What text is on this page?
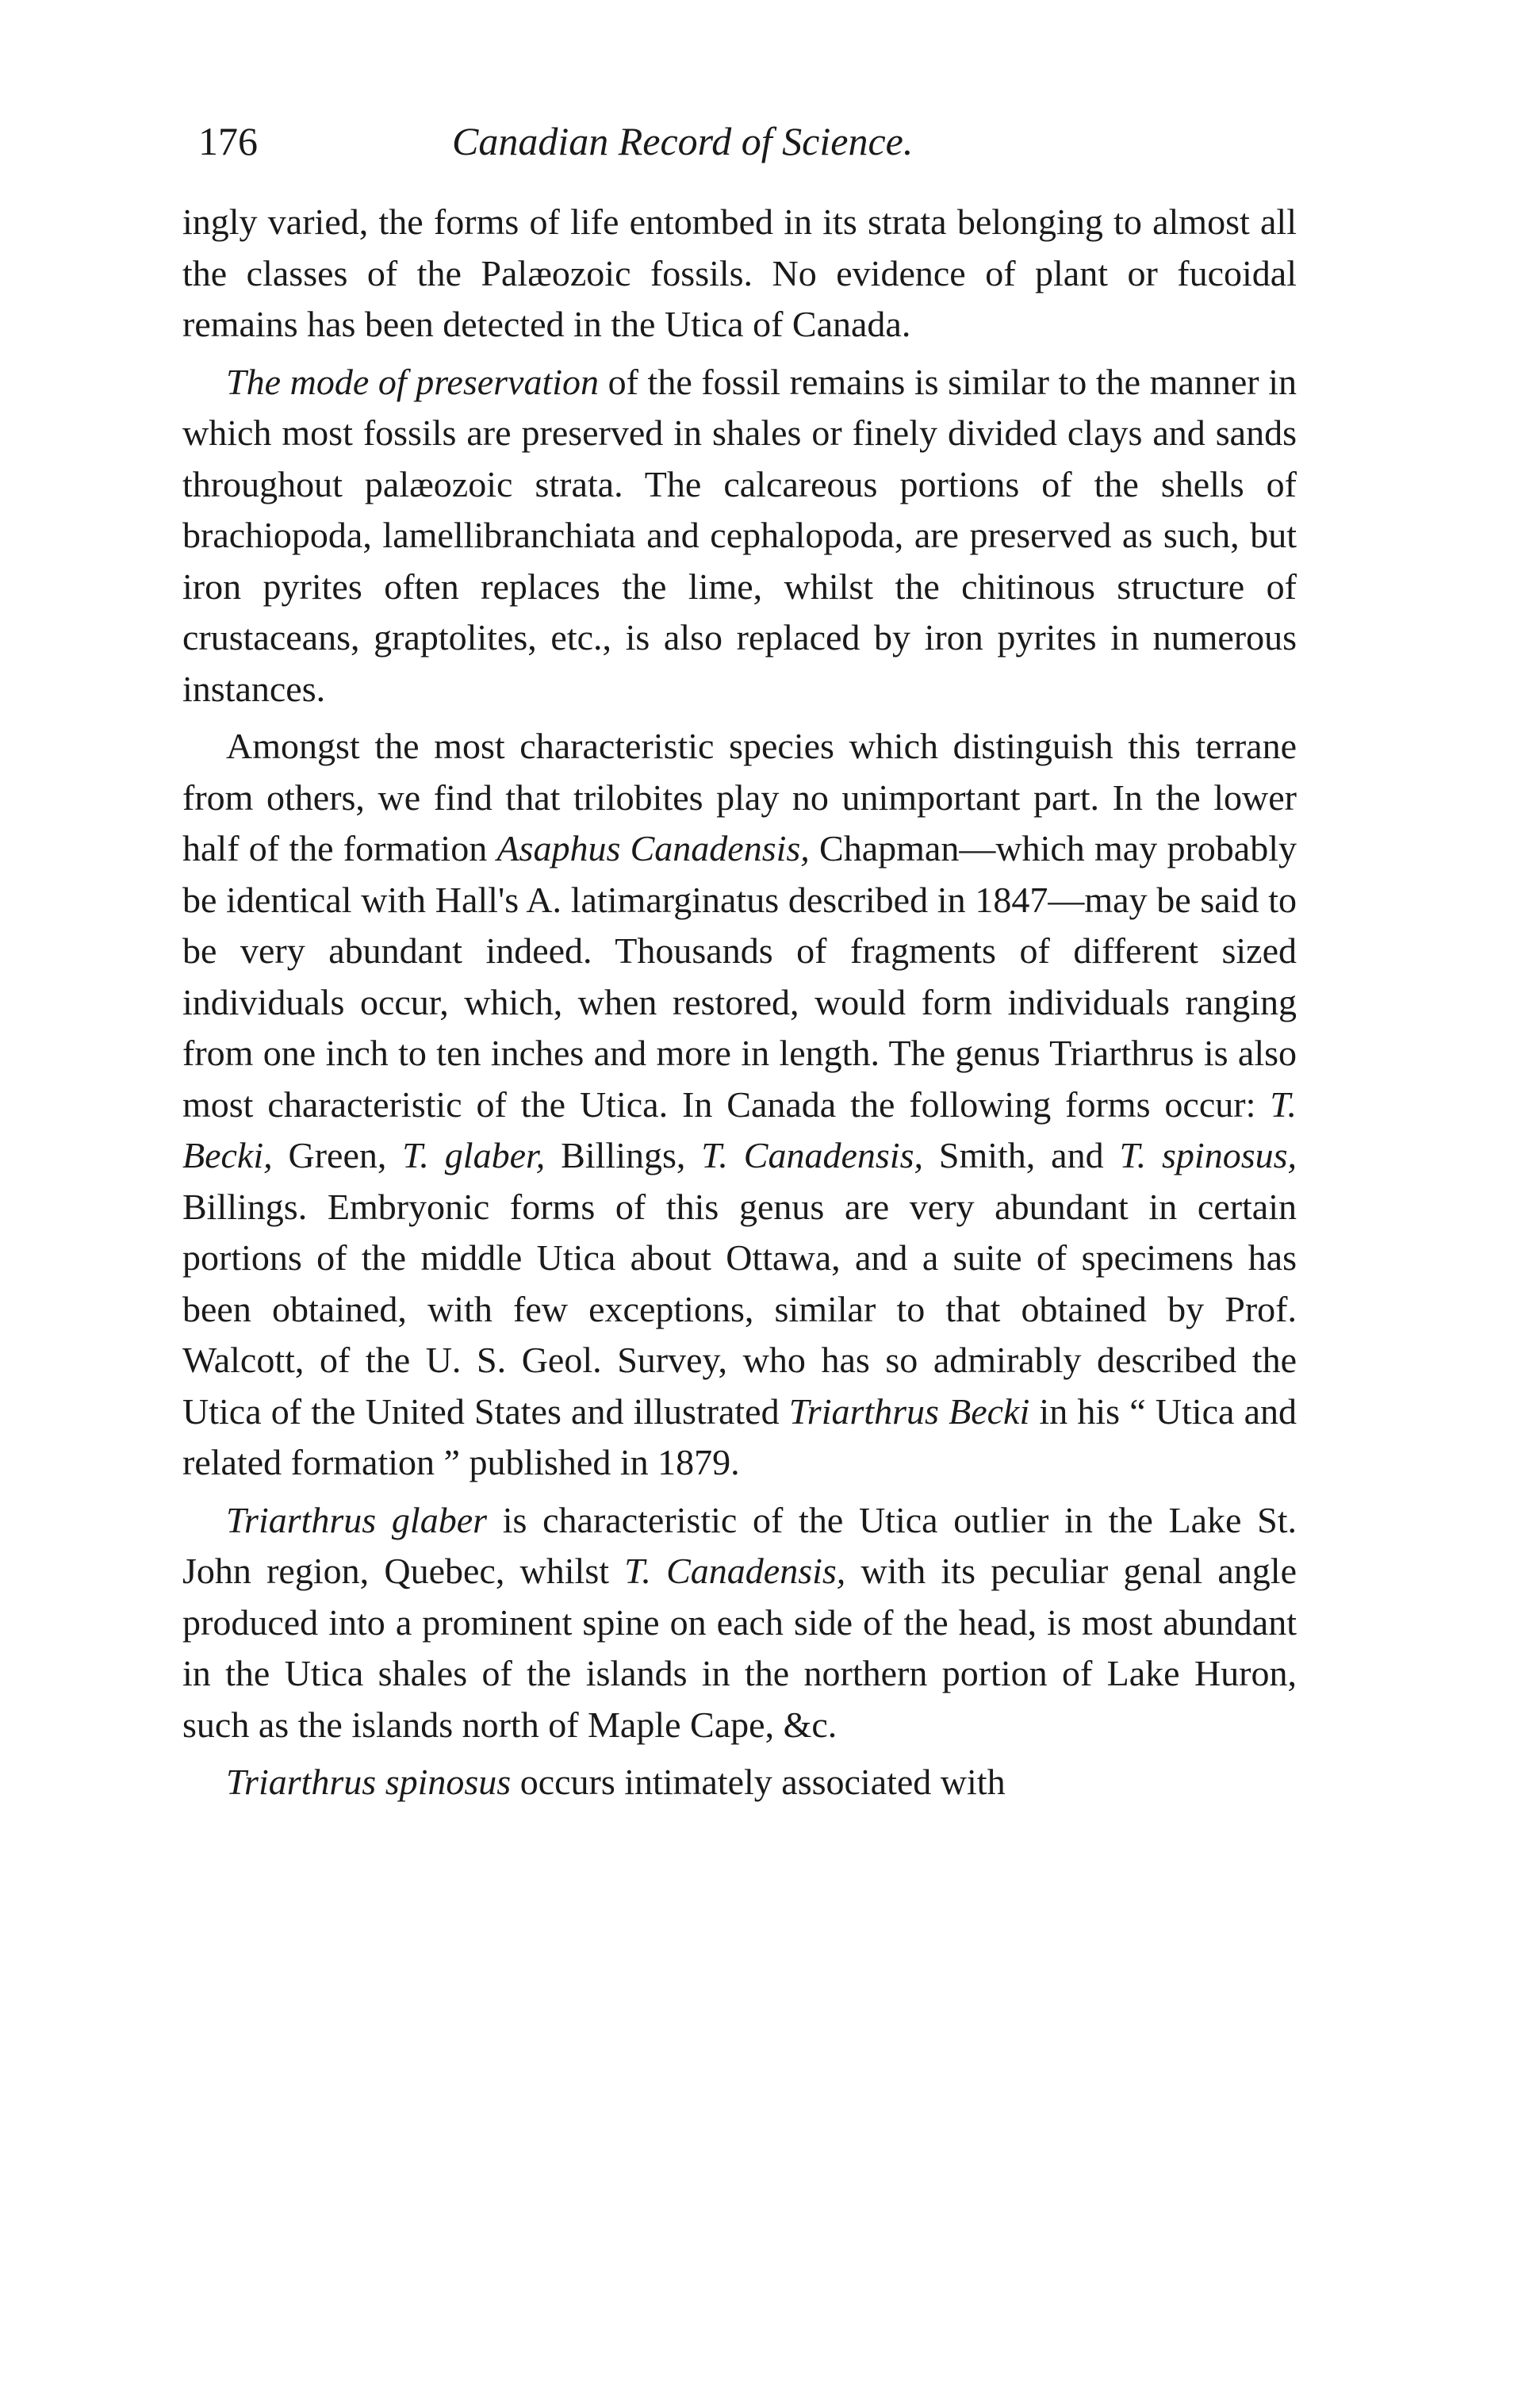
176	Canadian Record of Science.

ingly varied, the forms of life entombed in its strata belonging to almost all the classes of the Palæozoic fossils. No evidence of plant or fucoidal remains has been detected in the Utica of Canada.

The mode of preservation of the fossil remains is similar to the manner in which most fossils are preserved in shales or finely divided clays and sands throughout palæozoic strata. The calcareous portions of the shells of brachiopoda, lamellibranchiata and cephalopoda, are preserved as such, but iron pyrites often replaces the lime, whilst the chitinous structure of crustaceans, graptolites, etc., is also replaced by iron pyrites in numerous instances.

Amongst the most characteristic species which distinguish this terrane from others, we find that trilobites play no unimportant part. In the lower half of the formation Asaphus Canadensis, Chapman—which may probably be identical with Hall's A. latimarginatus described in 1847—may be said to be very abundant indeed. Thousands of fragments of different sized individuals occur, which, when restored, would form individuals ranging from one inch to ten inches and more in length. The genus Triarthrus is also most characteristic of the Utica. In Canada the following forms occur: T. Becki, Green, T. glaber, Billings, T. Canadensis, Smith, and T. spinosus, Billings. Embryonic forms of this genus are very abundant in certain portions of the middle Utica about Ottawa, and a suite of specimens has been obtained, with few exceptions, similar to that obtained by Prof. Walcott, of the U. S. Geol. Survey, who has so admirably described the Utica of the United States and illustrated Triarthrus Becki in his “ Utica and related formation ” published in 1879.

Triarthrus glaber is characteristic of the Utica outlier in the Lake St. John region, Quebec, whilst T. Canadensis, with its peculiar genal angle produced into a prominent spine on each side of the head, is most abundant in the Utica shales of the islands in the northern portion of Lake Huron, such as the islands north of Maple Cape, &c.

Triarthrus spinosus occurs intimately associated with
